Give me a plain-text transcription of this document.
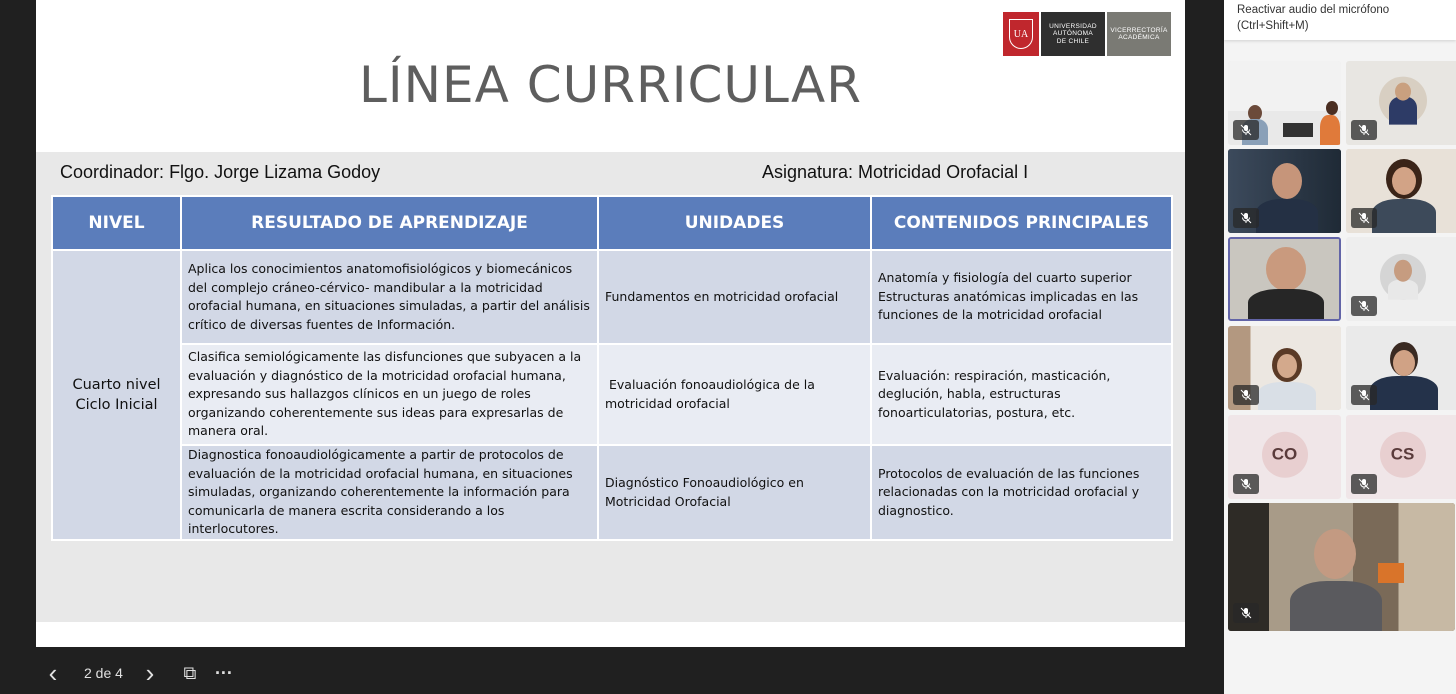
UA
UNIVERSIDAD
AUTÓNOMA
DE CHILE
VICERRECTORÍA
ACADÉMICA
LÍNEA CURRICULAR
Coordinador: Flgo. Jorge Lizama Godoy	Asignatura: Motricidad Orofacial I
NIVEL	RESULTADO DE APRENDIZAJE	UNIDADES	CONTENIDOS PRINCIPALES
Cuarto nivel
Ciclo Inicial	Aplica los conocimientos anatomofisiológicos y biomecánicos del complejo cráneo-cérvico- mandibular a la motricidad orofacial humana, en situaciones simuladas, a partir del análisis crítico de diversas fuentes de Información.	Fundamentos en motricidad orofacial	Anatomía y fisiología del cuarto superior
Estructuras anatómicas implicadas en las funciones de la motricidad orofacial
	Clasifica semiológicamente las disfunciones que subyacen a la evaluación y diagnóstico de la motricidad orofacial humana, expresando sus hallazgos clínicos en un juego de roles organizando coherentemente sus ideas para expresarlas de manera oral.	Evaluación fonoaudiológica de la motricidad orofacial	Evaluación: respiración, masticación, deglución, habla, estructuras fonoarticulatorias, postura, etc.
	Diagnostica fonoaudiológicamente a partir de protocolos de evaluación de la motricidad orofacial humana, en situaciones simuladas, organizando coherentemente la información para comunicarla de manera escrita considerando a los interlocutores.	Diagnóstico Fonoaudiológico en Motricidad Orofacial	Protocolos de evaluación de las funciones relacionadas con la motricidad orofacial y diagnostico.
‹ 2 de 4 › ⧉ ···
Reactivar audio del micrófono
(Ctrl+Shift+M)
CO	CS
